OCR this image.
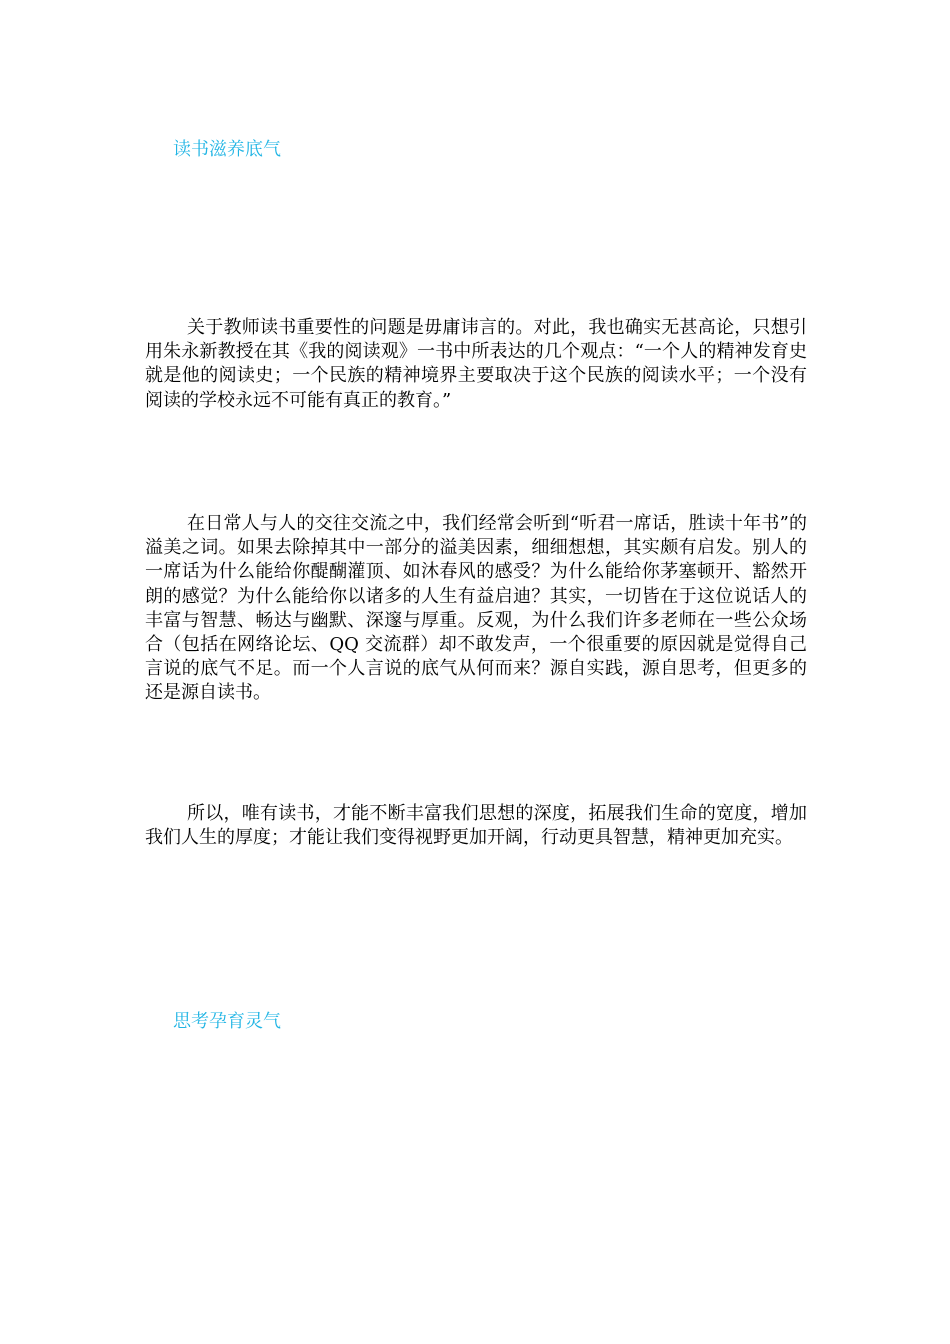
读书滋养底气

关于教师读书重要性的问题是毋庸讳言的。对此，我也确实无甚高论，只想引用朱永新教授在其《我的阅读观》一书中所表达的几个观点：“一个人的精神发育史就是他的阅读史；一个民族的精神境界主要取决于这个民族的阅读水平；一个没有阅读的学校永远不可能有真正的教育。”

在日常人与人的交往交流之中，我们经常会听到“听君一席话，胜读十年书”的溢美之词。如果去除掉其中一部分的溢美因素，细细想想，其实颇有启发。别人的一席话为什么能给你醍醐灌顶、如沐春风的感受？为什么能给你茅塞顿开、豁然开朗的感觉？为什么能给你以诸多的人生有益启迪？其实，一切皆在于这位说话人的丰富与智慧、畅达与幽默、深邃与厚重。反观，为什么我们许多老师在一些公众场合（包括在网络论坛、QQ 交流群）却不敢发声，一个很重要的原因就是觉得自己言说的底气不足。而一个人言说的底气从何而来？源自实践，源自思考，但更多的还是源自读书。

所以，唯有读书，才能不断丰富我们思想的深度，拓展我们生命的宽度，增加我们人生的厚度；才能让我们变得视野更加开阔，行动更具智慧，精神更加充实。

思考孕育灵气
